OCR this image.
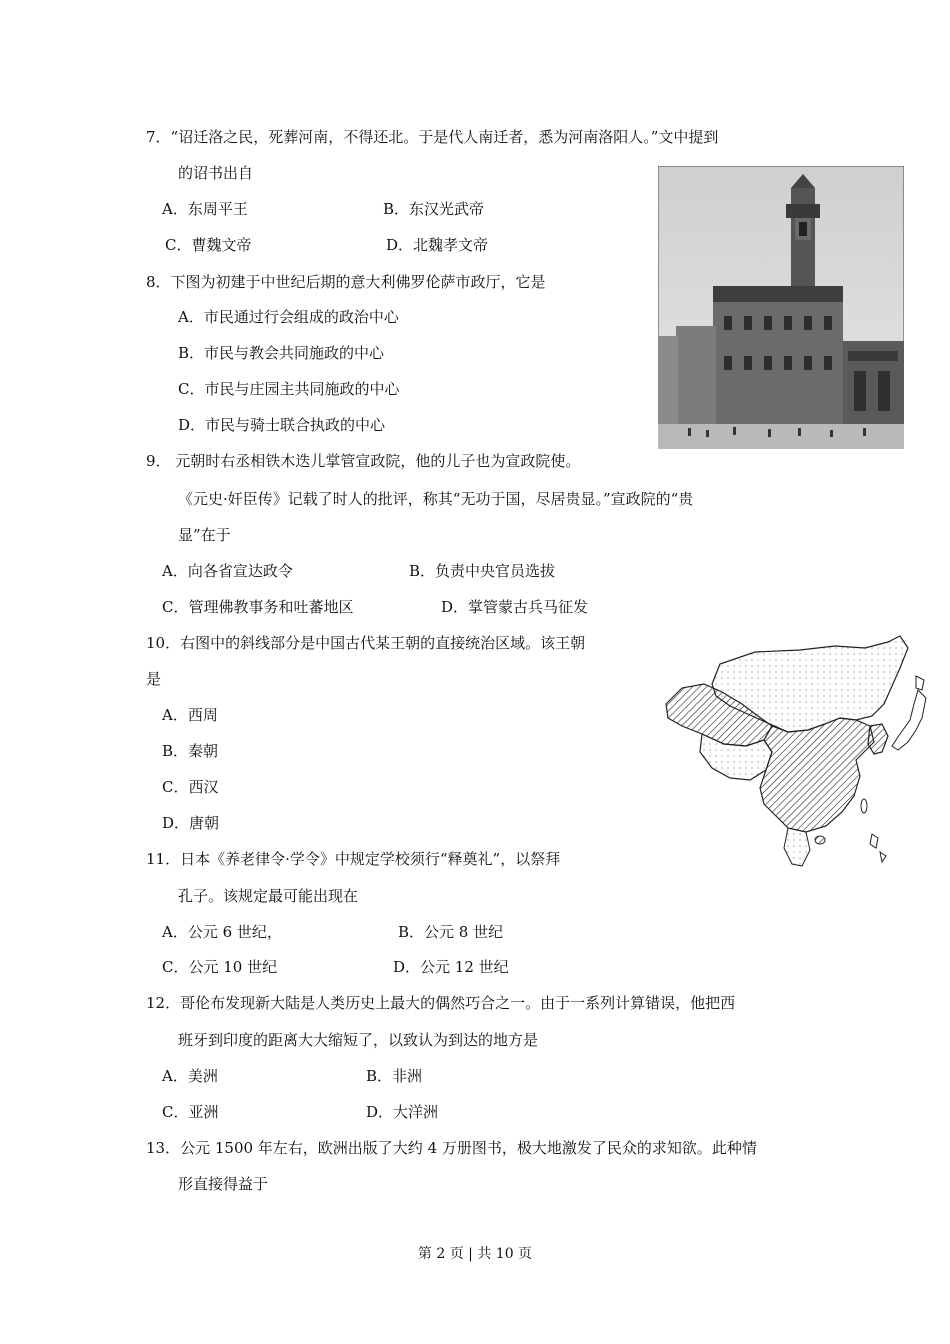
7．“诏迁洛之民，死葬河南，不得还北。于是代人南迁者，悉为河南洛阳人。”文中提到
的诏书出自
A．东周平王	B．东汉光武帝
C．曹魏文帝	D．北魏孝文帝
8．下图为初建于中世纪后期的意大利佛罗伦萨市政厅，它是
A．市民通过行会组成的政治中心
B．市民与教会共同施政的中心
C．市民与庄园主共同施政的中心
D．市民与骑士联合执政的中心
9． 元朝时右丞相铁木迭儿掌管宣政院，他的儿子也为宣政院使。
《元史·奸臣传》记载了时人的批评，称其“无功于国，尽居贵显。”宣政院的“贵
显”在于
A．向各省宣达政令	B．负责中央官员选拔
C．管理佛教事务和吐蕃地区	D．掌管蒙古兵马征发
10．右图中的斜线部分是中国古代某王朝的直接统治区域。该王朝
是
A．西周
B．秦朝
C．西汉
D．唐朝
11．日本《养老律令·学令》中规定学校须行“释奠礼”，以祭拜
孔子。该规定最可能出现在
A．公元 6 世纪，	B．公元 8 世纪
C．公元 10 世纪	D．公元 12 世纪
12．哥伦布发现新大陆是人类历史上最大的偶然巧合之一。由于一系列计算错误，他把西
班牙到印度的距离大大缩短了，以致认为到达的地方是
A．美洲	B．非洲
C．亚洲	D．大洋洲
13．公元 1500 年左右，欧洲出版了大约 4 万册图书，极大地激发了民众的求知欲。此种情
形直接得益于
第 2 页 | 共 10 页
